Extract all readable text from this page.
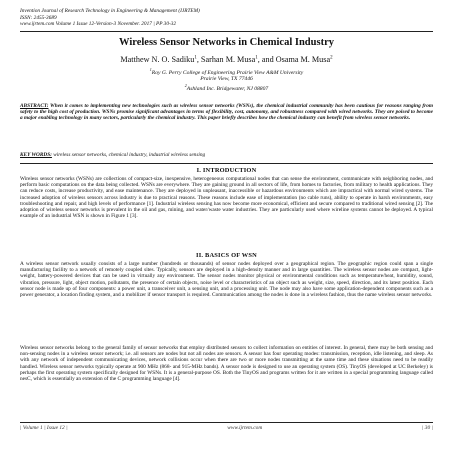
Invention Journal of Research Technology in Engineering & Management (IJRTEM)
ISSN: 2455-3689
www.ijrtem.com Volume 1 Issue 12-Version-3 November. 2017 | PP 30-32
Wireless Sensor Networks in Chemical Industry
Matthew N. O. Sadiku$^1$, Sarhan M. Musa$^1$, and Osama M. Musa$^2$
$^1$Roy G. Perry College of Engineering Prairie View A&M University
Prairie View, TX 77446
$^2$Ashland Inc. Bridgewater, NJ 08807
ABSTRACT: When it comes to implementing new technologies such as wireless sensor networks (WSNs), the chemical industrial community has been cautious for reasons ranging from safety to the high cost of production. WSNs promise significant advantages in terms of flexibility, cost, autonomy, and robustness compared with wired networks. They are poised to become a major enabling technology in many sectors, particularly the chemical industry. This paper briefly describes how the chemical industry can benefit from wireless sensor networks.
KEY WORDS: wireless sensor networks, chemical industry, industrial wireless sensing
I. INTRODUCTION
Wireless sensor networks (WSNs) are collections of compact-size, inexpensive, heterogeneous computational nodes that can sense the environment, communicate with neighboring nodes, and perform basic computations on the data being collected. WSNs are everywhere. They are gaining ground in all sectors of life, from homes to factories, from military to health applications. They can reduce costs, increase productivity, and ease maintenance. They are deployed in unpleasant, inaccessible or hazardous environments which are impractical with normal wired systems. The increased adoption of wireless sensors across industry is due to practical reasons. These reasons include ease of implementation (no cable runs), ability to operate in harsh environments, easy troubleshooting and repair, and high levels of performance [1]. Industrial wireless sensing has now become more economical, efficient and secure compared to traditional wired sensing [2]. The adoption of wireless sensor networks is prevalent in the oil and gas, mining, and water/waste water industries. They are particularly used where wireline systems cannot be deployed. A typical example of an industrial WSN is shown in Figure 1 [3].
II. BASICS OF WSN
A wireless sensor network usually consists of a large number (hundreds or thousands) of sensor nodes deployed over a geographical region. The geographic region could span a single manufacturing facility to a network of remotely coupled sites. Typically, sensors are deployed in a high-density manner and in large quantities. The wireless sensor nodes are compact, light-weight, battery-powered devices that can be used in virtually any environment. The sensor nodes monitor physical or environmental conditions such as temperature/heat, humidity, sound, vibration, pressure, light, object motion, pollutants, the presence of certain objects, noise level or characteristics of an object such as weight, size, speed, direction, and its latest position. Each sensor node is made up of four components: a power unit, a transceiver unit, a sensing unit, and a processing unit. The node may also have some application-dependent components such as a power generator, a location finding system, and a mobilizer if sensor transport is required. Communication among the nodes is done in a wireless fashion, thus the name wireless sensor networks.
Wireless sensor networks belong to the general family of sensor networks that employ distributed sensors to collect information on entities of interest. In general, there may be both sensing and non-sensing nodes in a wireless sensor network; i.e. all sensors are nodes but not all nodes are sensors. A sensor has four operating modes: transmission, reception, idle listening, and sleep. As with any network of independent communicating devices, network collisions occur when there are two or more nodes transmitting at the same time and these situations need to be readily handled. Wireless sensor networks typically operate at 900 MHz (868- and 915-MHz bands). A sensor node is designed to use an operating system (OS). TinyOS (developed at UC Berkeley) is perhaps the first operating system specifically designed for WSNs. It is a general-purpose OS. Both the TinyOS and programs written for it are written in a special programming language called nesC, which is essentially an extension of the C programming language [4].
| Volume 1 | Issue 12 |	www.ijrtem.com	| 30 |
